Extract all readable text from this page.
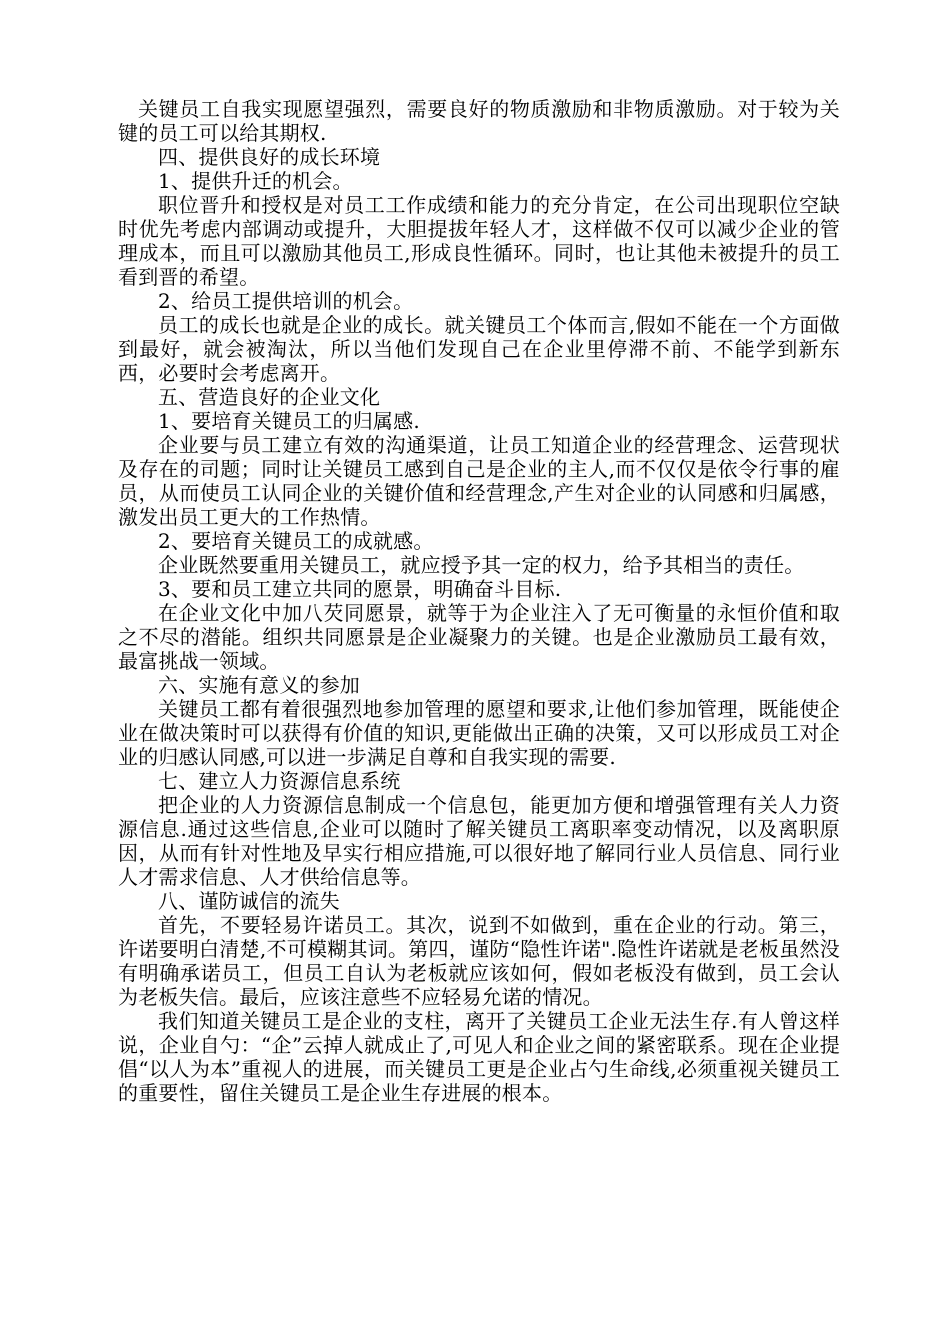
关键员工自我实现愿望强烈，需要良好的物质激励和非物质激励。对于较为关键的员工可以给其期权.

四、提供良好的成长环境

1、提供升迁的机会。

职位晋升和授权是对员工工作成绩和能力的充分肯定，在公司出现职位空缺时优先考虑内部调动或提升，大胆提拔年轻人才，这样做不仅可以减少企业的管理成本，而且可以激励其他员工,形成良性循环。同时，也让其他未被提升的员工看到晋的希望。

2、给员工提供培训的机会。

员工的成长也就是企业的成长。就关键员工个体而言,假如不能在一个方面做到最好，就会被淘汰，所以当他们发现自己在企业里停滞不前、不能学到新东西，必要时会考虑离开。

五、营造良好的企业文化

1、要培育关键员工的归属感.

企业要与员工建立有效的沟通渠道，让员工知道企业的经营理念、运营现状及存在的司题；同时让关键员工感到自己是企业的主人,而不仅仅是依令行事的雇员，从而使员工认同企业的关键价值和经营理念,产生对企业的认同感和归属感，激发出员工更大的工作热情。

2、要培育关键员工的成就感。

企业既然要重用关键员工，就应授予其一定的权力，给予其相当的责任。

3、要和员工建立共同的愿景，明确奋斗目标.

在企业文化中加八芡同愿景，就等于为企业注入了无可衡量的永恒价值和取之不尽的潜能。组织共同愿景是企业凝聚力的关键。也是企业激励员工最有效，最富挑战一领域。

六、实施有意义的参加

关键员工都有着很强烈地参加管理的愿望和要求,让他们参加管理，既能使企业在做决策时可以获得有价值的知识,更能做出正确的决策，又可以形成员工对企业的归感认同感,可以进一步满足自尊和自我实现的需要.

七、建立人力资源信息系统

把企业的人力资源信息制成一个信息包，能更加方便和增强管理有关人力资源信息.通过这些信息,企业可以随时了解关键员工离职率变动情况，以及离职原因，从而有针对性地及早实行相应措施,可以很好地了解同行业人员信息、同行业人才需求信息、人才供给信息等。

八、谨防诚信的流失

首先，不要轻易许诺员工。其次，说到不如做到，重在企业的行动。第三，许诺要明白清楚,不可模糊其词。第四，谨防“隐性许诺".隐性许诺就是老板虽然没有明确承诺员工，但员工自认为老板就应该如何，假如老板没有做到，员工会认为老板失信。最后，应该注意些不应轻易允诺的情况。

我们知道关键员工是企业的支柱，离开了关键员工企业无法生存.有人曾这样说，企业自勺：“企”云掉人就成止了,可见人和企业之间的紧密联系。现在企业提倡“以人为本”重视人的进展，而关键员工更是企业占勺生命线,必须重视关键员工的重要性，留住关键员工是企业生存进展的根本。
